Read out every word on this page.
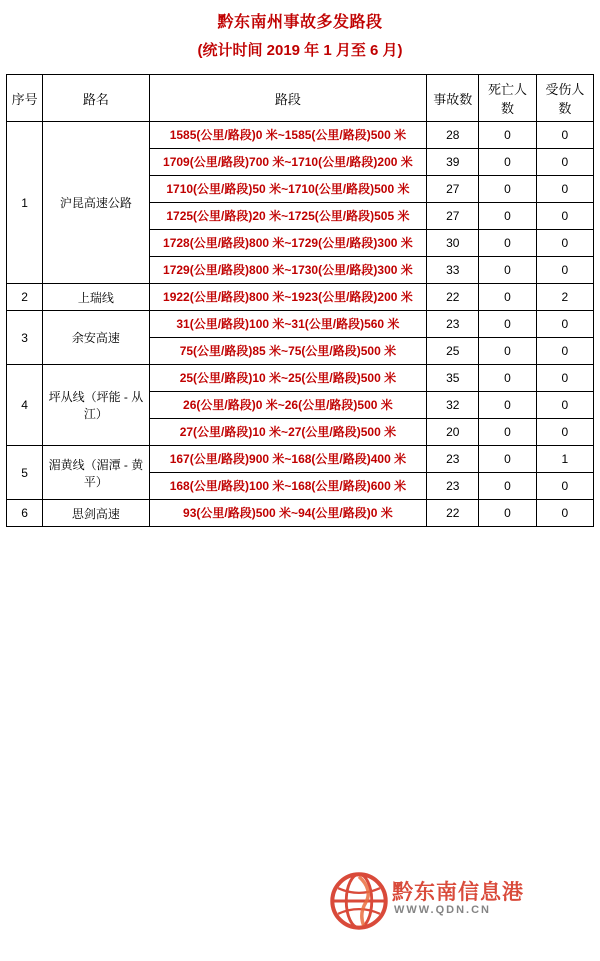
黔东南州事故多发路段
(统计时间 2019 年 1 月至 6 月)
序号	路名	路段	事故数	死亡人数	受伤人数
1	沪昆高速公路	1585(公里/路段)0 米~1585(公里/路段)500 米	28	0	0
		1709(公里/路段)700 米~1710(公里/路段)200 米	39	0	0
		1710(公里/路段)50 米~1710(公里/路段)500 米	27	0	0
		1725(公里/路段)20 米~1725(公里/路段)505 米	27	0	0
		1728(公里/路段)800 米~1729(公里/路段)300 米	30	0	0
		1729(公里/路段)800 米~1730(公里/路段)300 米	33	0	0
2	上瑞线	1922(公里/路段)800 米~1923(公里/路段)200 米	22	0	2
3	余安高速	31(公里/路段)100 米~31(公里/路段)560 米	23	0	0
		75(公里/路段)85 米~75(公里/路段)500 米	25	0	0
4	坪从线（坪能 - 从江）	25(公里/路段)10 米~25(公里/路段)500 米	35	0	0
		26(公里/路段)0 米~26(公里/路段)500 米	32	0	0
		27(公里/路段)10 米~27(公里/路段)500 米	20	0	0
5	湄黄线（湄潭 - 黄平）	167(公里/路段)900 米~168(公里/路段)400 米	23	0	1
		168(公里/路段)100 米~168(公里/路段)600 米	23	0	0
6	思剑高速	93(公里/路段)500 米~94(公里/路段)0 米	22	0	0
黔东南信息港
WWW.QDN.CN
